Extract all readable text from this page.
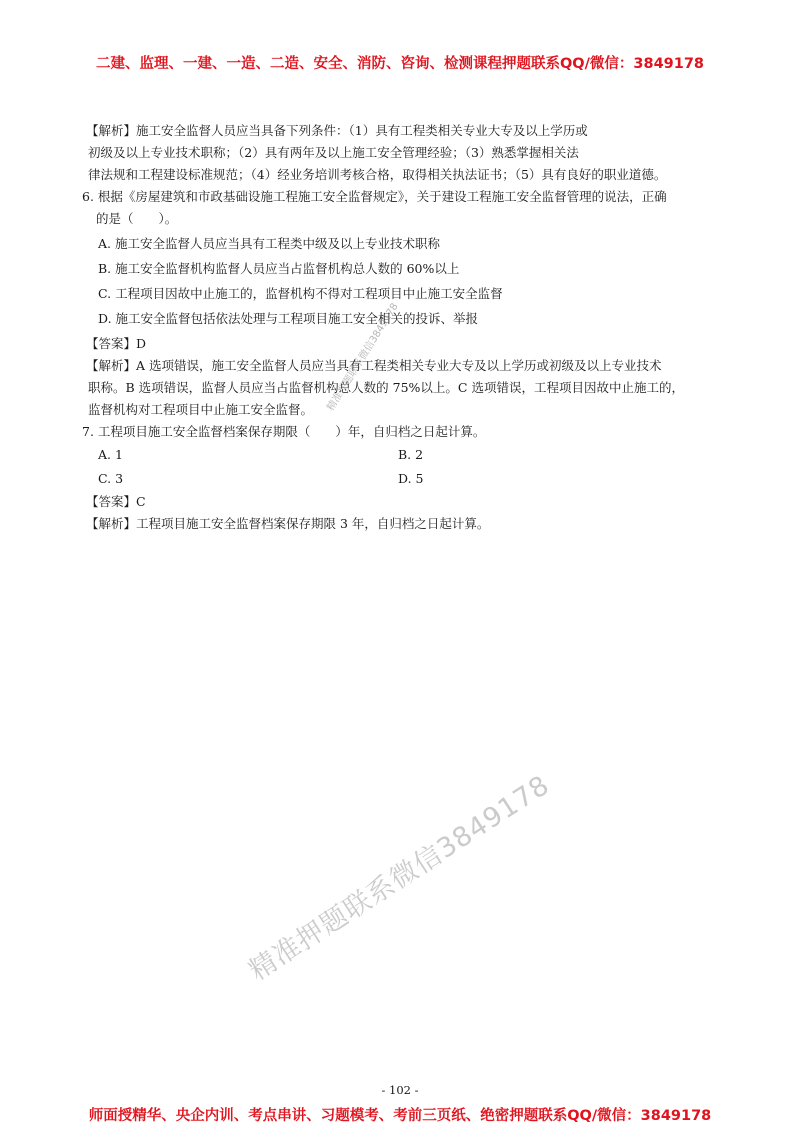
二建、监理、一建、一造、二造、安全、消防、咨询、检测课程押题联系QQ/微信：3849178
【解析】施工安全监督人员应当具备下列条件：（1）具有工程类相关专业大专及以上学历或
初级及以上专业技术职称；（2）具有两年及以上施工安全管理经验；（3）熟悉掌握相关法
律法规和工程建设标准规范；（4）经业务培训考核合格，取得相关执法证书；（5）具有良好的职业道德。
6. 根据《房屋建筑和市政基础设施工程施工安全监督规定》，关于建设工程施工安全监督管理的说法，正确
的是（　　）。
A. 施工安全监督人员应当具有工程类中级及以上专业技术职称
B. 施工安全监督机构监督人员应当占监督机构总人数的 60%以上
C. 工程项目因故中止施工的，监督机构不得对工程项目中止施工安全监督
D. 施工安全监督包括依法处理与工程项目施工安全相关的投诉、举报
【答案】D
【解析】A 选项错误，施工安全监督人员应当具有工程类相关专业大专及以上学历或初级及以上专业技术
职称。B 选项错误，监督人员应当占监督机构总人数的 75%以上。C 选项错误，工程项目因故中止施工的，
监督机构对工程项目中止施工安全监督。
7. 工程项目施工安全监督档案保存期限（　　）年，自归档之日起计算。
A. 1	B. 2
C. 3	D. 5
【答案】C
【解析】工程项目施工安全监督档案保存期限 3 年，自归档之日起计算。
精准押题联系微信3849178
精准押题联系微信3849178
- 102 -
师面授精华、央企内训、考点串讲、习题模考、考前三页纸、绝密押题联系QQ/微信：3849178
